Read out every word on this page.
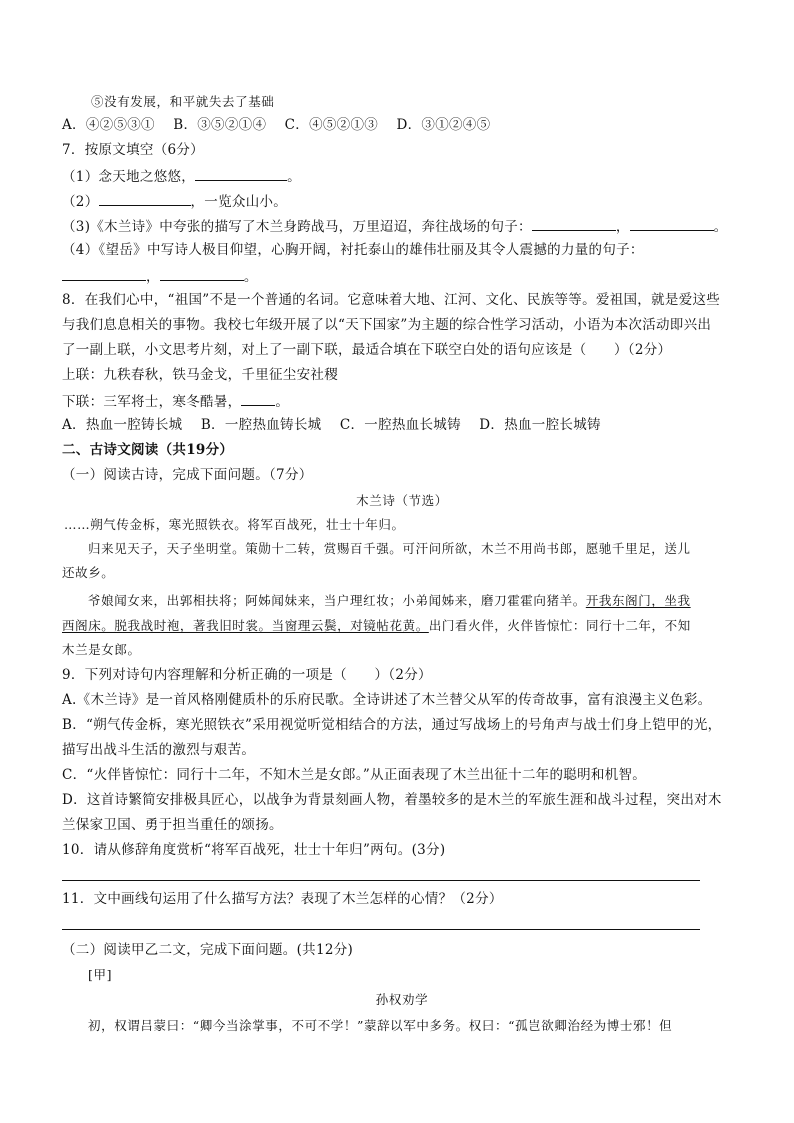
⑤没有发展，和平就失去了基础
A．④②⑤③①　 B．③⑤②①④　 C．④⑤②①③　 D．③①②④⑤
7．按原文填空（6分）
（1）念天地之悠悠，	。
（2）	，一览众山小。
（3)《木兰诗》中夸张的描写了木兰身跨战马，万里迢迢，奔往战场的句子：	，	。
（4）《望岳》中写诗人极目仰望，心胸开阔，衬托泰山的雄伟壮丽及其令人震撼的力量的句子：
，	。
8．在我们心中，“祖国”不是一个普通的名词。它意味着大地、江河、文化、民族等等。爱祖国，就是爱这些
与我们息息相关的事物。我校七年级开展了以“天下国家”为主题的综合性学习活动，小语为本次活动即兴出
了一副上联，小文思考片刻，对上了一副下联，最适合填在下联空白处的语句应该是（　　）（2分）
上联：九秩春秋，铁马金戈，千里征尘安社稷
下联：三军将士，寒冬酷暑，	。
A．热血一腔铸长城　 B．一腔热血铸长城　 C．一腔热血长城铸　 D．热血一腔长城铸
二、古诗文阅读（共19分）
（一）阅读古诗，完成下面问题。（7分）
木兰诗（节选）
……朔气传金柝，寒光照铁衣。将军百战死，壮士十年归。
归来见天子，天子坐明堂。策勋十二转，赏赐百千强。可汗问所欲，木兰不用尚书郎，愿驰千里足，送儿
还故乡。
爷娘闻女来，出郭相扶将；阿姊闻妹来，当户理红妆；小弟闻姊来，磨刀霍霍向猪羊。开我东阁门，坐我
西阁床。脱我战时袍，著我旧时裳。当窗理云鬓，对镜帖花黄。出门看火伴，火伴皆惊忙：同行十二年，不知
木兰是女郎。
9．下列对诗句内容理解和分析正确的一项是（　　）（2分）
A.《木兰诗》是一首风格刚健质朴的乐府民歌。全诗讲述了木兰替父从军的传奇故事，富有浪漫主义色彩。
B．“朔气传金柝，寒光照铁衣”采用视觉听觉相结合的方法，通过写战场上的号角声与战士们身上铠甲的光，
描写出战斗生活的激烈与艰苦。
C．“火伴皆惊忙：同行十二年，不知木兰是女郎。”从正面表现了木兰出征十二年的聪明和机智。
D．这首诗繁简安排极具匠心，以战争为背景刻画人物，着墨较多的是木兰的军旅生涯和战斗过程，突出对木
兰保家卫国、勇于担当重任的颂扬。
10．请从修辞角度赏析“将军百战死，壮士十年归”两句。(3分)
11．文中画线句运用了什么描写方法？表现了木兰怎样的心情？（2分）
（二）阅读甲乙二文，完成下面问题。(共12分)
[甲]
孙权劝学
初，权谓吕蒙曰：“卿今当涂掌事，不可不学！”蒙辞以军中多务。权曰：“孤岂欲卿治经为博士邪！但
